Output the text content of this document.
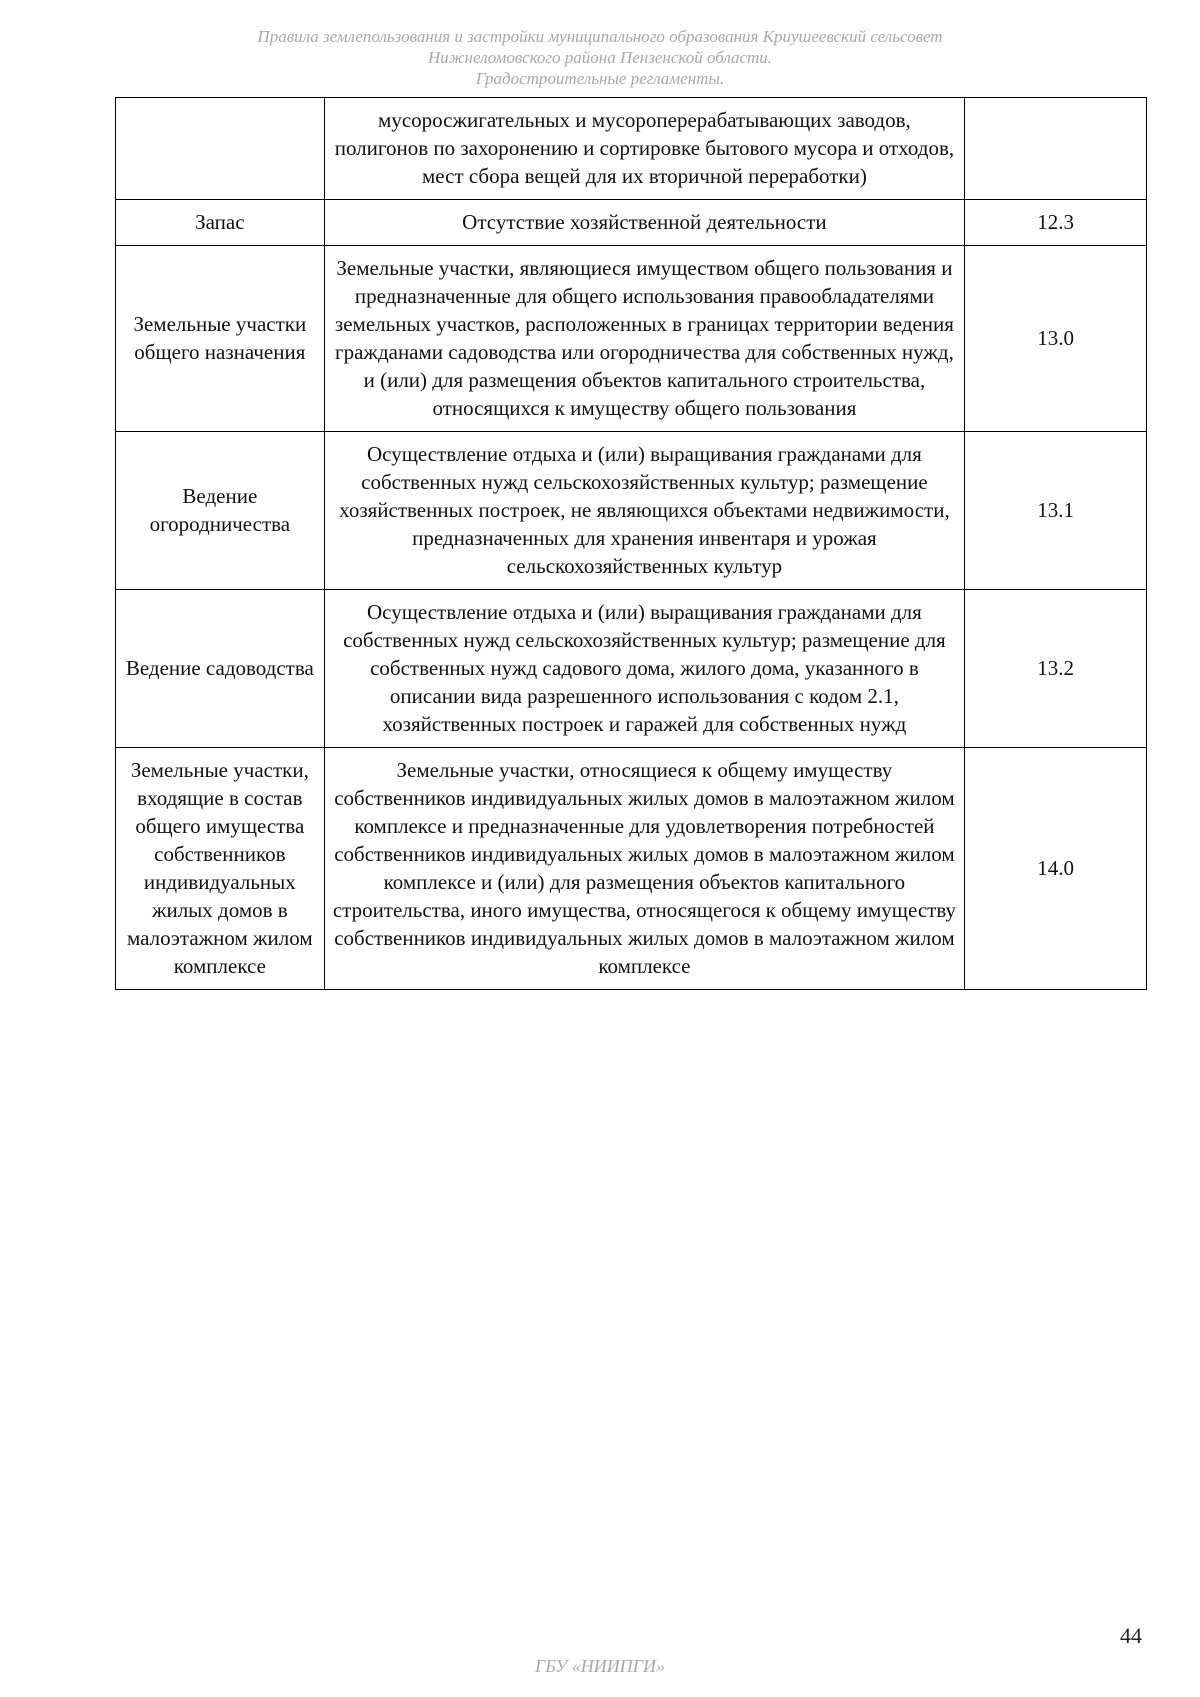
Правила землепользования и застройки муниципального образования Криушеевский сельсовет
Нижнеломовского района Пензенской области.
Градостроительные регламенты.
	мусоросжигательных и мусороперерабатывающих заводов, полигонов по захоронению и сортировке бытового мусора и отходов, мест сбора вещей для их вторичной переработки)	
Запас	Отсутствие хозяйственной деятельности	12.3
Земельные участки общего назначения	Земельные участки, являющиеся имуществом общего пользования и предназначенные для общего использования правообладателями земельных участков, расположенных в границах территории ведения гражданами садоводства или огородничества для собственных нужд, и (или) для размещения объектов капитального строительства, относящихся к имуществу общего пользования	13.0
Ведение огородничества	Осуществление отдыха и (или) выращивания гражданами для собственных нужд сельскохозяйственных культур; размещение хозяйственных построек, не являющихся объектами недвижимости, предназначенных для хранения инвентаря и урожая сельскохозяйственных культур	13.1
Ведение садоводства	Осуществление отдыха и (или) выращивания гражданами для собственных нужд сельскохозяйственных культур; размещение для собственных нужд садового дома, жилого дома, указанного в описании вида разрешенного использования с кодом 2.1, хозяйственных построек и гаражей для собственных нужд	13.2
Земельные участки, входящие в состав общего имущества собственников индивидуальных жилых домов в малоэтажном жилом комплексе	Земельные участки, относящиеся к общему имуществу собственников индивидуальных жилых домов в малоэтажном жилом комплексе и предназначенные для удовлетворения потребностей собственников индивидуальных жилых домов в малоэтажном жилом комплексе и (или) для размещения объектов капитального строительства, иного имущества, относящегося к общему имуществу собственников индивидуальных жилых домов в малоэтажном жилом комплексе	14.0
44
ГБУ «НИИПГИ»
